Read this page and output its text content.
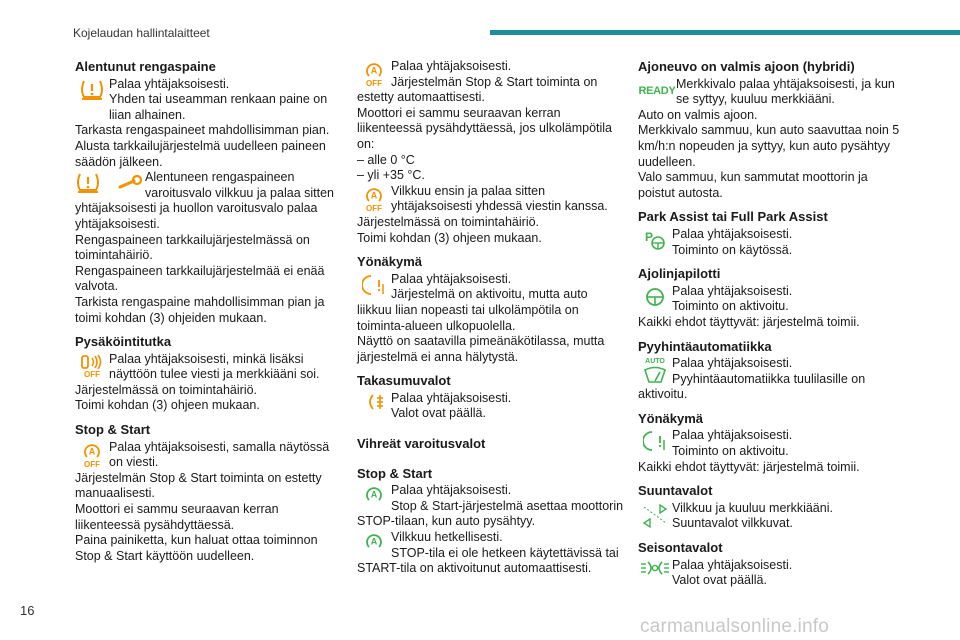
Kojelaudan hallintalaitteet
Alentunut rengaspaine

Palaa yhtäjaksoisesti.

Yhden tai useamman renkaan paine on liian alhainen.

Tarkasta rengaspaineet mahdollisimman pian.

Alusta tarkkailujärjestelmä uudelleen paineen säädön jälkeen.

Alentuneen rengaspaineen varoitusvalo vilkkuu ja palaa sitten

yhtäjaksoisesti ja huollon varoitusvalo palaa yhtäjaksoisesti.

Rengaspaineen tarkkailujärjestelmässä on toimintahäiriö.

Rengaspaineen tarkkailujärjestelmää ei enää valvota.

Tarkista rengaspaine mahdollisimman pian ja toimi kohdan (3) ohjeiden mukaan.

Pysäköintitutka
OFF

Palaa yhtäjaksoisesti, minkä lisäksi näyttöön tulee viesti ja merkkiääni soi.

Järjestelmässä on toimintahäiriö.

Toimi kohdan (3) ohjeen mukaan.

Stop & Start
A
OFF

Palaa yhtäjaksoisesti, samalla näytössä on viesti.

Järjestelmän Stop & Start toiminta on estetty manuaalisesti.

Moottori ei sammu seuraavan kerran liikenteessä pysähdyttäessä.

Paina painiketta, kun haluat ottaa toiminnon Stop & Start käyttöön uudelleen.

A
OFF

Palaa yhtäjaksoisesti.

Järjestelmän Stop & Start toiminta on

estetty automaattisesti.

Moottori ei sammu seuraavan kerran liikenteessä pysähdyttäessä, jos ulkolämpötila on:

– alle 0 °C

– yli +35 °C.

A
OFF

Vilkkuu ensin ja palaa sitten yhtäjaksoisesti yhdessä viestin kanssa.

Järjestelmässä on toimintahäiriö.

Toimi kohdan (3) ohjeen mukaan.

Yönäkymä

Palaa yhtäjaksoisesti.

Järjestelmä on aktivoitu, mutta auto

liikkuu liian nopeasti tai ulkolämpötila on toiminta-alueen ulkopuolella.

Näyttö on saatavilla pimeänäkötilassa, mutta järjestelmä ei anna hälytystä.

Takasumuvalot

Palaa yhtäjaksoisesti.

Valot ovat päällä.

Vihreät varoitusvalot
Stop & Start
A Palaa yhtäjaksoisesti.

Stop & Start-järjestelmä asettaa moottorin

STOP-tilaan, kun auto pysähtyy.

A Vilkkuu hetkellisesti.

STOP-tila ei ole hetkeen käytettävissä tai

START-tila on aktivoitunut automaattisesti.

Ajoneuvo on valmis ajoon (hybridi)
READY Merkkivalo palaa yhtäjaksoisesti, ja kun se syttyy, kuuluu merkkiääni.

Auto on valmis ajoon.

Merkkivalo sammuu, kun auto saavuttaa noin 5 km/h:n nopeuden ja syttyy, kun auto pysähtyy uudelleen.

Valo sammuu, kun sammutat moottorin ja poistut autosta.

Park Assist tai Full Park Assist
P Palaa yhtäjaksoisesti.

Toiminto on käytössä.

Ajolinjapilotti

Palaa yhtäjaksoisesti.

Toiminto on aktivoitu.

Kaikki ehdot täyttyvät: järjestelmä toimii.

Pyyhintäautomatiikka
AUTO Palaa yhtäjaksoisesti.

Pyyhintäautomatiikka tuulilasille on

aktivoitu.

Yönäkymä

Palaa yhtäjaksoisesti.

Toiminto on aktivoitu.

Kaikki ehdot täyttyvät: järjestelmä toimii.

Suuntavalot

Vilkkuu ja kuuluu merkkiääni.

Suuntavalot vilkkuvat.

Seisontavalot

Palaa yhtäjaksoisesti.

Valot ovat päällä.

16
carmanualsonline.info
